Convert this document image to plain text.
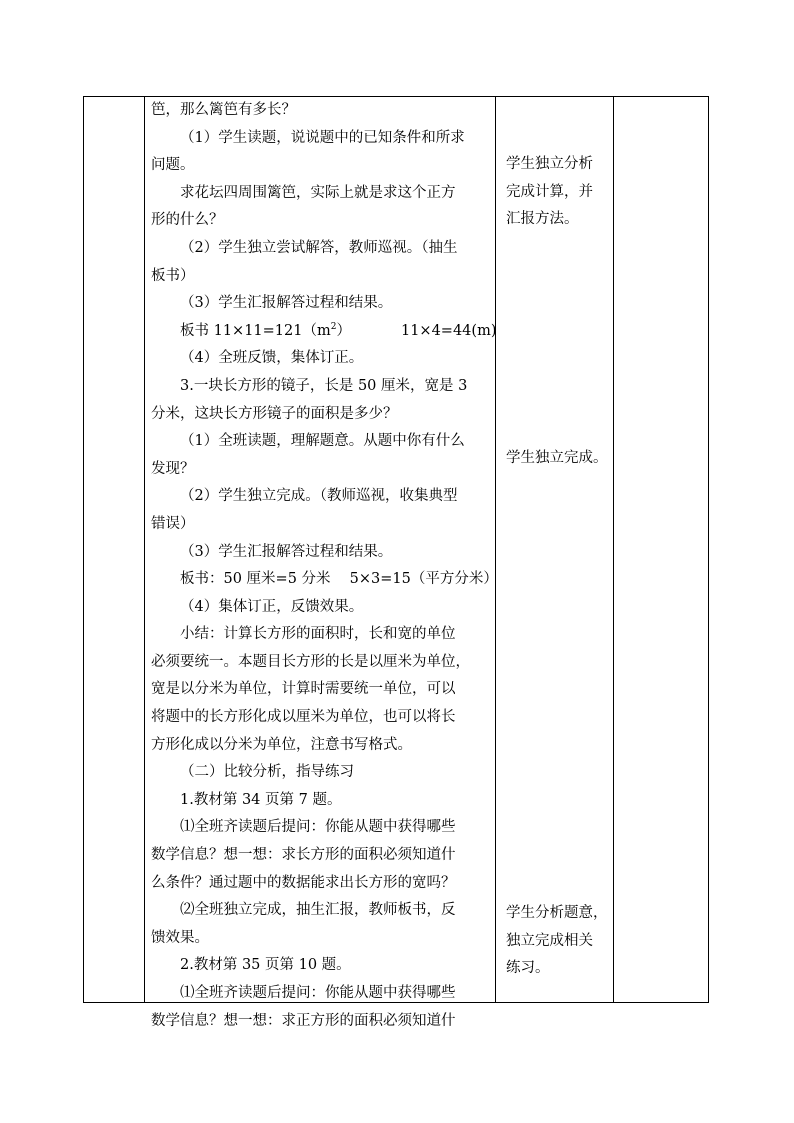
笆，那么篱笆有多长？
（1）学生读题，说说题中的已知条件和所求
问题。
求花坛四周围篱笆，实际上就是求这个正方
形的什么？
（2）学生独立尝试解答，教师巡视。（抽生
板书）
（3）学生汇报解答过程和结果。
板书 $11\times 11=121(m^2)$	11×4=44(m)
（4）全班反馈，集体订正。
3.一块长方形的镜子，长是 50 厘米，宽是 3
分米，这块长方形镜子的面积是多少？
（1）全班读题，理解题意。从题中你有什么
发现？
（2）学生独立完成。（教师巡视，收集典型
错误）
（3）学生汇报解答过程和结果。
板书：50 厘米=5 分米　 5×3=15（平方分米）
（4）集体订正，反馈效果。
小结：计算长方形的面积时，长和宽的单位
必须要统一。本题目长方形的长是以厘米为单位，
宽是以分米为单位，计算时需要统一单位，可以
将题中的长方形化成以厘米为单位，也可以将长
方形化成以分米为单位，注意书写格式。
（二）比较分析，指导练习
1.教材第 34 页第 7 题。
⑴全班齐读题后提问：你能从题中获得哪些
数学信息？想一想：求长方形的面积必须知道什
么条件？通过题中的数据能求出长方形的宽吗？
⑵全班独立完成，抽生汇报，教师板书，反
馈效果。
2.教材第 35 页第 10 题。
⑴全班齐读题后提问：你能从题中获得哪些
数学信息？想一想：求正方形的面积必须知道什
学生独立分析
完成计算，并
汇报方法。
学生独立完成。
学生分析题意，
独立完成相关
练习。
